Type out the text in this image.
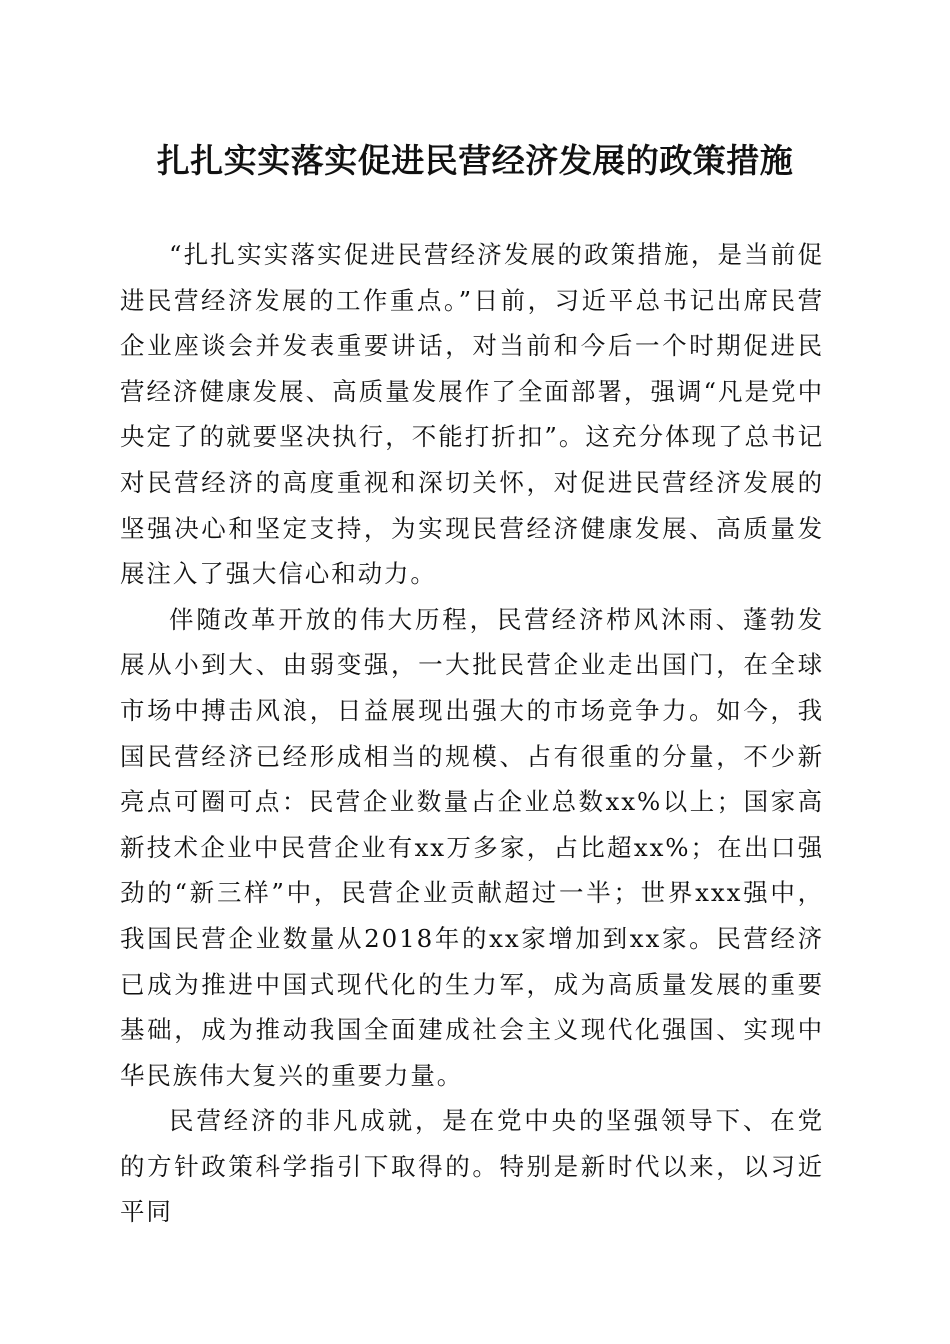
扎扎实实落实促进民营经济发展的政策措施

“扎扎实实落实促进民营经济发展的政策措施，是当前促进民营经济发展的工作重点。”日前，习近平总书记出席民营企业座谈会并发表重要讲话，对当前和今后一个时期促进民营经济健康发展、高质量发展作了全面部署，强调“凡是党中央定了的就要坚决执行，不能打折扣”。这充分体现了总书记对民营经济的高度重视和深切关怀，对促进民营经济发展的坚强决心和坚定支持，为实现民营经济健康发展、高质量发展注入了强大信心和动力。

伴随改革开放的伟大历程，民营经济栉风沐雨、蓬勃发展从小到大、由弱变强，一大批民营企业走出国门，在全球市场中搏击风浪，日益展现出强大的市场竞争力。如今，我国民营经济已经形成相当的规模、占有很重的分量，不少新亮点可圈可点：民营企业数量占企业总数xx%以上；国家高新技术企业中民营企业有xx万多家，占比超xx%；在出口强劲的“新三样”中，民营企业贡献超过一半；世界xxx强中，我国民营企业数量从2018年的xx家增加到xx家。民营经济已成为推进中国式现代化的生力军，成为高质量发展的重要基础，成为推动我国全面建成社会主义现代化强国、实现中华民族伟大复兴的重要力量。

民营经济的非凡成就，是在党中央的坚强领导下、在党的方针政策科学指引下取得的。特别是新时代以来，以习近平同
